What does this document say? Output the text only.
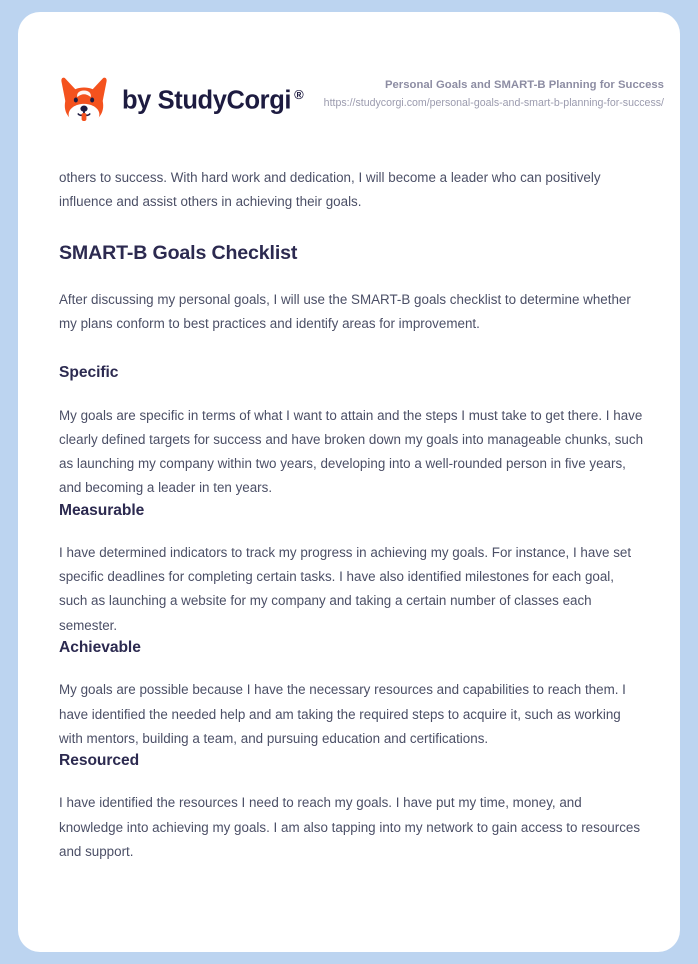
by StudyCorgi ®

Personal Goals and SMART-B Planning for Success

https://studycorgi.com/personal-goals-and-smart-b-planning-for-success/

others to success. With hard work and dedication, I will become a leader who can positively influence and assist others in achieving their goals.

SMART-B Goals Checklist

After discussing my personal goals, I will use the SMART-B goals checklist to determine whether my plans conform to best practices and identify areas for improvement.

Specific

My goals are specific in terms of what I want to attain and the steps I must take to get there. I have clearly defined targets for success and have broken down my goals into manageable chunks, such as launching my company within two years, developing into a well-rounded person in five years, and becoming a leader in ten years.

Measurable

I have determined indicators to track my progress in achieving my goals. For instance, I have set specific deadlines for completing certain tasks. I have also identified milestones for each goal, such as launching a website for my company and taking a certain number of classes each semester.

Achievable

My goals are possible because I have the necessary resources and capabilities to reach them. I have identified the needed help and am taking the required steps to acquire it, such as working with mentors, building a team, and pursuing education and certifications.

Resourced

I have identified the resources I need to reach my goals. I have put my time, money, and knowledge into achieving my goals. I am also tapping into my network to gain access to resources and support.
